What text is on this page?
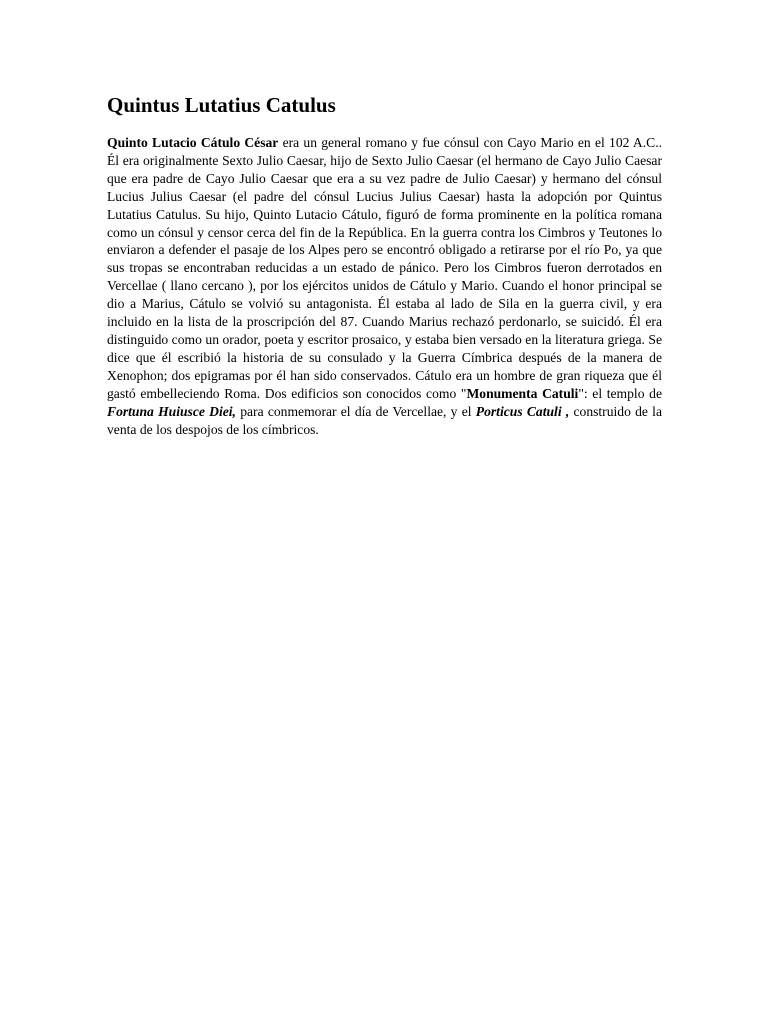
Quintus Lutatius Catulus

Quinto Lutacio Cátulo César era un general romano y fue cónsul con Cayo Mario en el 102 A.C.. Él era originalmente Sexto Julio Caesar, hijo de Sexto Julio Caesar (el hermano de Cayo Julio Caesar que era padre de Cayo Julio Caesar que era a su vez padre de Julio Caesar) y hermano del cónsul Lucius Julius Caesar (el padre del cónsul Lucius Julius Caesar) hasta la adopción por Quintus Lutatius Catulus. Su hijo, Quinto Lutacio Cátulo, figuró de forma prominente en la política romana como un cónsul y censor cerca del fin de la República. En la guerra contra los Cimbros y Teutones lo enviaron a defender el pasaje de los Alpes pero se encontró obligado a retirarse por el río Po, ya que sus tropas se encontraban reducidas a un estado de pánico. Pero los Cimbros fueron derrotados en Vercellae ( llano cercano ), por los ejércitos unidos de Cátulo y Mario. Cuando el honor principal se dio a Marius, Cátulo se volvió su antagonista. Él estaba al lado de Sila en la guerra civil, y era incluido en la lista de la proscripción del 87. Cuando Marius rechazó perdonarlo, se suicidó. Él era distinguido como un orador, poeta y escritor prosaico, y estaba bien versado en la literatura griega. Se dice que él escribió la historia de su consulado y la Guerra Címbrica después de la manera de Xenophon; dos epigramas por él han sido conservados. Cátulo era un hombre de gran riqueza que él gastó embelleciendo Roma. Dos edificios son conocidos como "Monumenta Catuli": el templo de Fortuna Huiusce Diei, para conmemorar el día de Vercellae, y el Porticus Catuli , construido de la venta de los despojos de los címbricos.
